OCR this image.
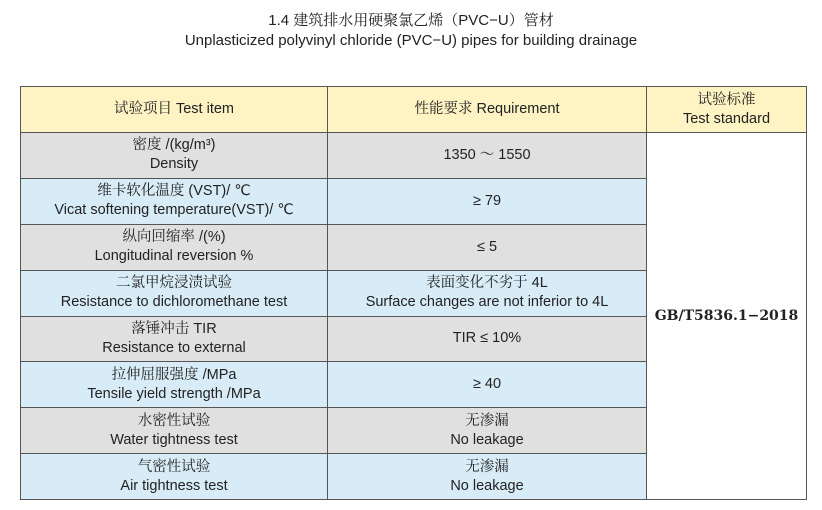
1.4 建筑排水用硬聚氯乙烯（PVC−U）管材
Unplasticized polyvinyl chloride (PVC−U) pipes for building drainage
试验项目 Test item	性能要求 Requirement	试验标准
Test standard

密度 /(kg/m³)
Density	1350 ～ 1550	GB/T5836.1−2018

维卡软化温度 (VST)/ ℃
Vicat softening temperature(VST)/ ℃	≥ 79	

纵向回缩率 /(%)
Longitudinal reversion %	≤ 5	

二氯甲烷浸渍试验
Resistance to dichloromethane test	表面变化不劣于 4L
Surface changes are not inferior to 4L	

落锤冲击 TIR
Resistance to external	TIR ≤ 10%	

拉伸屈服强度 /MPa
Tensile yield strength /MPa	≥ 40	

水密性试验
Water tightness test	无渗漏
No leakage	

气密性试验
Air tightness test	无渗漏
No leakage	
